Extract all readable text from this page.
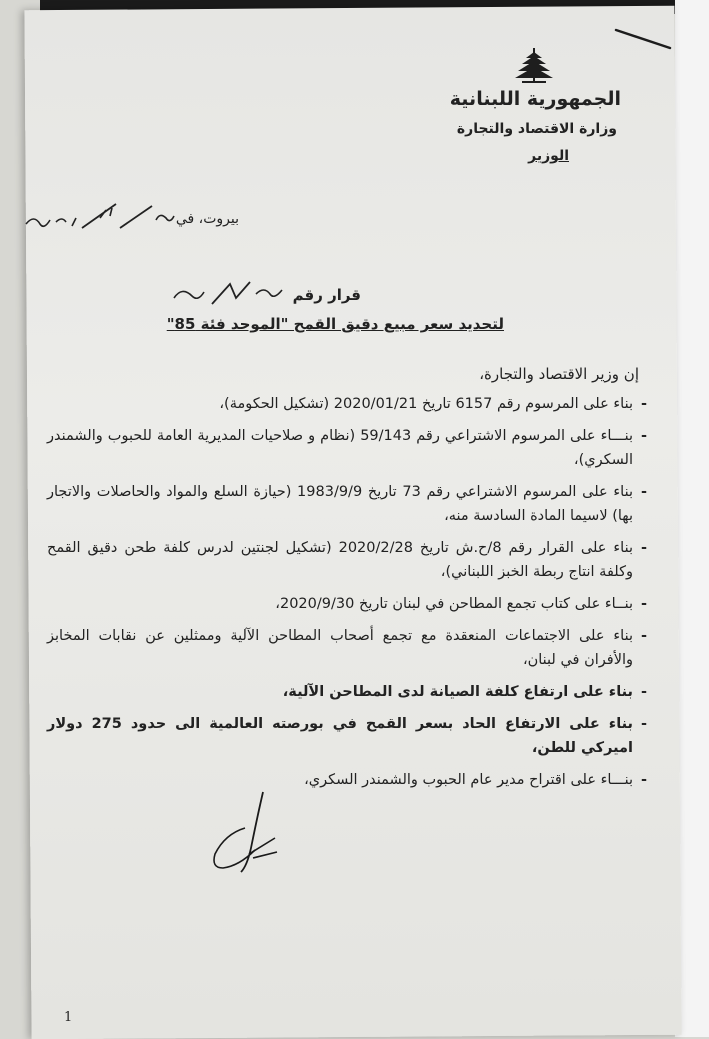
الجمهورية اللبنانية
وزارة الاقتصاد والتجارة
الوزير
بيروت، في
قرار رقم
لتحديد سعر مبيع دقيق القمح "الموحد فئة 85"
إن وزير الاقتصاد والتجارة،
- بناء على المرسوم رقم 6157 تاريخ 2020/01/21 (تشكيل الحكومة)،
- بنـــاء على المرسوم الاشتراعي رقم 59/143 (نظام و صلاحيات المديرية العامة للحبوب والشمندر السكري)،
- بناء على المرسوم الاشتراعي رقم 73 تاريخ 1983/9/9 (حيازة السلع والمواد والحاصلات والاتجار بها) لاسيما المادة السادسة منه،
- بناء على القرار رقم 8/ح.ش تاريخ 2020/2/28 (تشكيل لجنتين لدرس كلفة طحن دقيق القمح وكلفة انتاج ربطة الخبز اللبناني)،
- بنــاء على كتاب تجمع المطاحن في لبنان تاريخ 2020/9/30،
- بناء على الاجتماعات المنعقدة مع تجمع أصحاب المطاحن الآلية وممثلين عن نقابات المخابز والأفران في لبنان،
- بناء على ارتفاع كلفة الصيانة لدى المطاحن الآلية،
- بناء على الارتفاع الحاد بسعر القمح في بورصته العالمية الى حدود 275 دولار اميركي للطن،
- بنـــاء على اقتراح مدير عام الحبوب والشمندر السكري،
1
